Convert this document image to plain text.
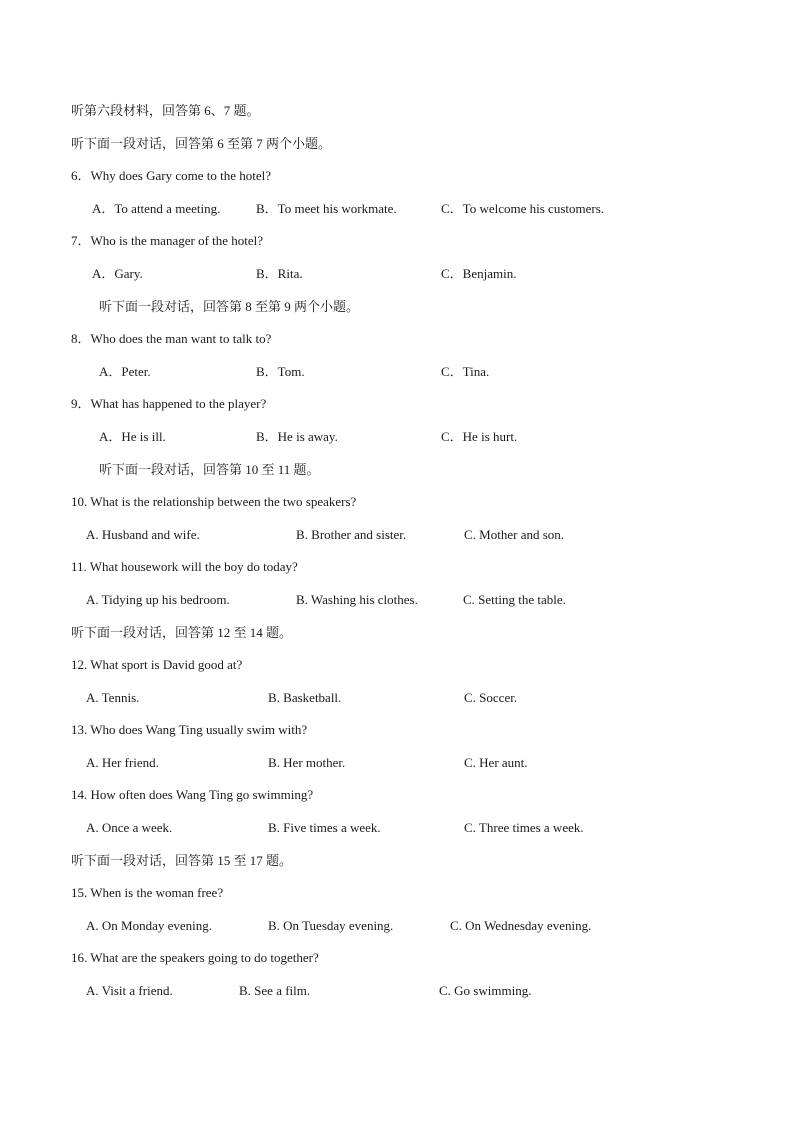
听第六段材料，回答第 6、7 题。
听下面一段对话，回答第 6 至第 7 两个小题。
6．Why does Gary come to the hotel?
A．To attend a meeting.	B．To meet his workmate.	C．To welcome his customers.
7．Who is the manager of the hotel?
A．Gary.	B．Rita.	C．Benjamin.
听下面一段对话，回答第 8 至第 9 两个小题。
8．Who does the man want to talk to?
A．Peter.	B．Tom.	C．Tina.
9．What has happened to the player?
A．He is ill.	B．He is away.	C．He is hurt.
听下面一段对话，回答第 10 至 11 题。
10. What is the relationship between the two speakers?
A. Husband and wife.	B. Brother and sister.	C. Mother and son.
11. What housework will the boy do today?
A. Tidying up his bedroom.	B. Washing his clothes.	C. Setting the table.
听下面一段对话，回答第 12 至 14 题。
12. What sport is David good at?
A. Tennis.	B. Basketball.	C. Soccer.
13. Who does Wang Ting usually swim with?
A. Her friend.	B. Her mother.	C. Her aunt.
14. How often does Wang Ting go swimming?
A. Once a week.	B. Five times a week.	C. Three times a week.
听下面一段对话，回答第 15 至 17 题。
15. When is the woman free?
A. On Monday evening.	B. On Tuesday evening.	C. On Wednesday evening.
16. What are the speakers going to do together?
A. Visit a friend.	B. See a film.	C. Go swimming.
